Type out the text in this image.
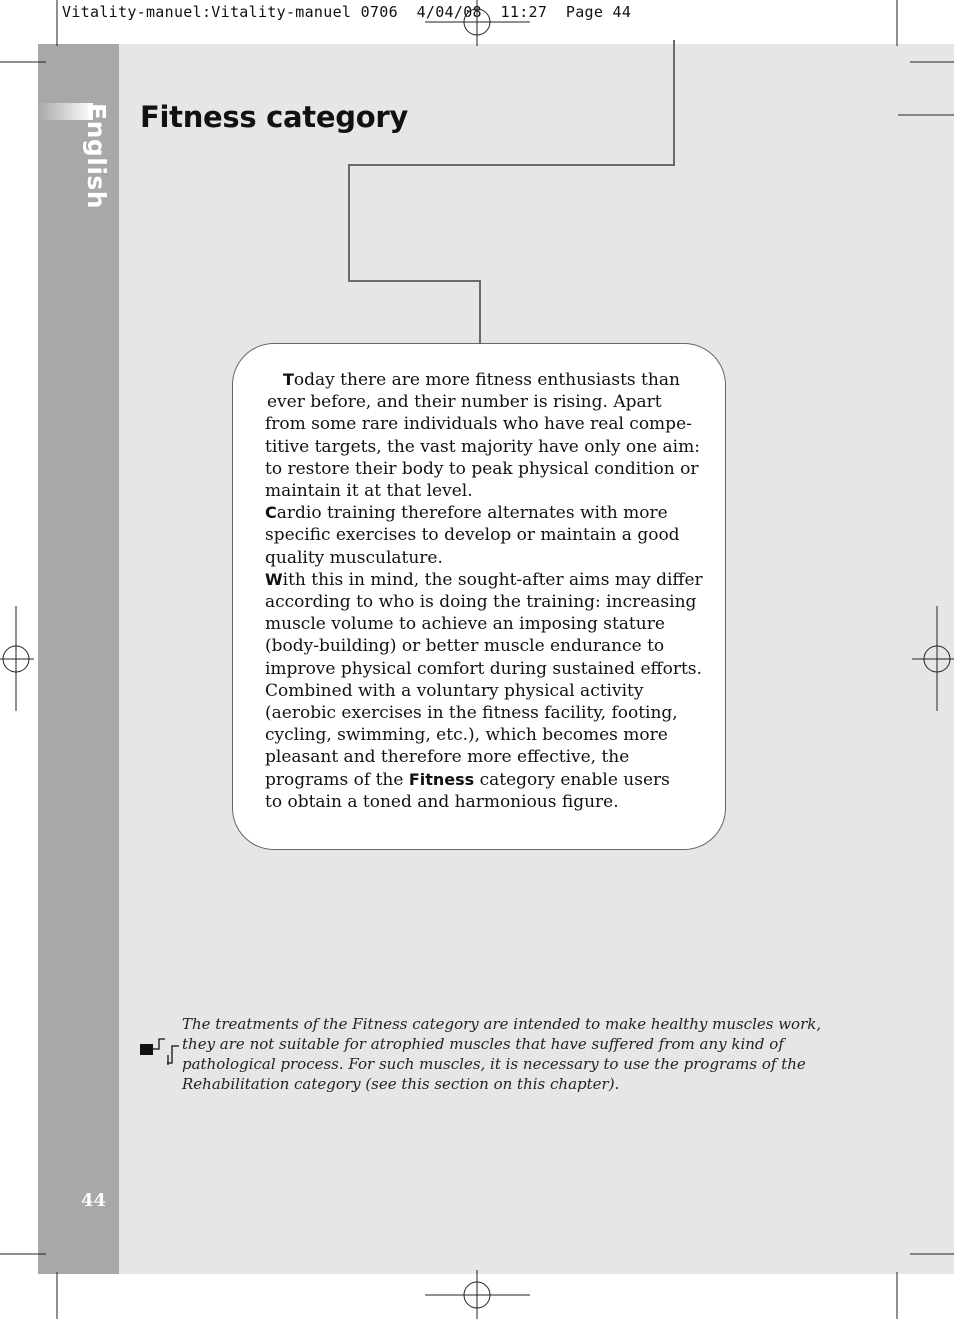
Vitality-manuel:Vitality-manuel 0706  4/04/08  11:27  Page 44
English
44
Fitness category
Today there are more fitness enthusiasts than
ever before, and their number is rising. Apart
from some rare individuals who have real compe-
titive targets, the vast majority have only one aim:
to restore their body to peak physical condition or
maintain it at that level.
Cardio training therefore alternates with more
specific exercises to develop or maintain a good
quality musculature.
With this in mind, the sought-after aims may differ
according to who is doing the training: increasing
muscle volume to achieve an imposing stature
(body-building) or better muscle endurance to
improve physical comfort during sustained efforts.
Combined with a voluntary physical activity
(aerobic exercises in the fitness facility, footing,
cycling, swimming, etc.), which becomes more
pleasant and therefore more effective, the
programs of the Fitness category enable users
to obtain a toned and harmonious figure.
The treatments of the Fitness category are intended to make healthy muscles work,
they are not suitable for atrophied muscles that have suffered from any kind of
pathological process. For such muscles, it is necessary to use the programs of the
Rehabilitation category (see this section on this chapter).
